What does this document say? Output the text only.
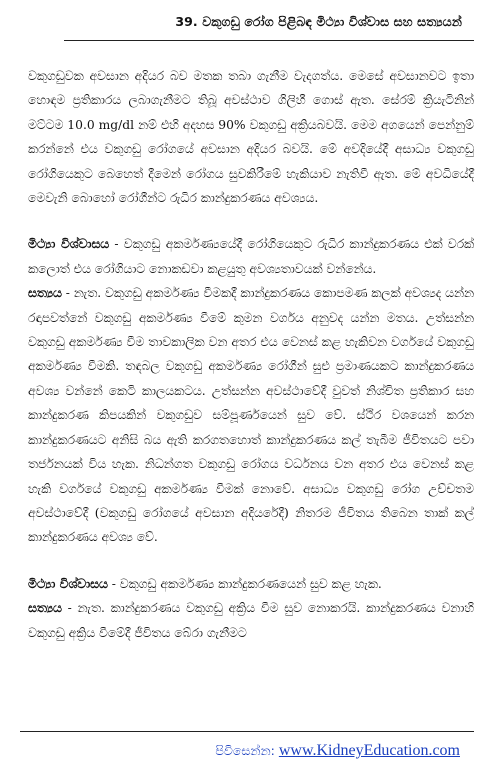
39. වකුගඩු රෝග පිළිබඳ මිථ්‍යා විශ්වාස සහ සත්‍යයන්

වකුගඩුවක අවසාන අදියර බව මතක තබා ගැනීම වැදගත්ය. මෙසේ අවසානවට ඉතා හොඳම ප්‍රතිකාරය ලබාගැනීමට තිබූ අවස්ථාව ගිලිහී ගොස් ඇත. සේරම් ක්‍රියැටිනින් මට්ටම 10.0 mg/dl නම් එහි අදහස 90% වකුගඩු අක්‍රියබවයි. මෙම අගයෙන් පෙන්නුම් කරන්නේ එය වකුගඩු රෝගයේ අවසාන අදියර බවයි. මේ අවදියේදී අසාධ්‍ය වකුගඩු රෝගියෙකුට බෙහෙත් දීමෙන් රෝගය සුවකිරීමේ හැකියාව නැතිවී ඇත. මේ අවධියේදී මෙවැනි බොහෝ රෝගීන්ට රුධිර කාන්දුකරණය අවශ්‍යය.

මිථ්‍යා විශ්වාසය - වකුගඩු අකර්මණ්‍යයේදී රෝගියෙකුට රුධිර කාන්දුකරණය එක් වරක් කලොත් එය රෝගියාට නොකඩවා කළයුතු අවශ්‍යතාවයක් වන්නේය.

සත්‍යය - නැත. වකුගඩු අකර්මණ්‍ය වීමකදී කාන්දුකරණය කොපමණ කලක් අවශ්‍යද යන්න රඳාපවත්නේ වකුගඩු අකර්මණ්‍ය වීමේ කුමන වර්ගය අනුවද යන්න මතය. උත්සන්න වකුගඩු අකර්මණ්‍ය වීම තාවකාලික වන අතර එය වෙනස් කළ හැකිවන වර්ගයේ වකුගඩු අකර්මණ්‍ය වීමකි. තඳබල වකුගඩු අකර්මණ්‍ය රෝගීන් සුළු ප්‍රමාණයකට කාන්දුකරණය අවශ්‍ය වන්නේ කෙටි කාලයකටය. උත්සන්න අවස්ථාවේදී වුවත් නිශ්චිත ප්‍රතිකාර සහ කාන්දුකරණ කිපයකින් වකුගඩුව සම්පූර්ණයෙන් සුව වේ. ස්ථිර වශයෙන් කරන කාන්දුකරණයට අනිසි බය ඇති කරගතහොත් කාන්දුකරණය කල් තැබීම ජීවිතයට පවා තර්ජනයක් විය හැක. නිධන්ගත වකුගඩු රෝගය වර්ධනය වන අතර එය වෙනස් කළ හැකි වර්ගයේ වකුගඩු අකර්මණ්‍ය වීමක් නොවේ. අසාධ්‍ය වකුගඩු රෝග උච්චතම අවස්ථාවේදී (වකුගඩු රෝගයේ අවසාන අදියරේදී) නිතරම ජීවිතය තිබෙන තාක් කල් කාන්දුකරණය අවශ්‍ය වේ.

මිථ්‍යා විශ්වාසය - වකුගඩු අකර්මණ්‍ය කාන්දුකරණයෙන් සුව කළ හැක.

සත්‍යය - නැත. කාන්දුකරණය වකුගඩු අක්‍රිය වීම සුව නොකරයි. කාන්දුකරණය වනාහි වකුගඩු අක්‍රිය වීමේදී ජීවිතය බේරා ගැනීමට

පිවිසෙන්න: www.KidneyEducation.com
